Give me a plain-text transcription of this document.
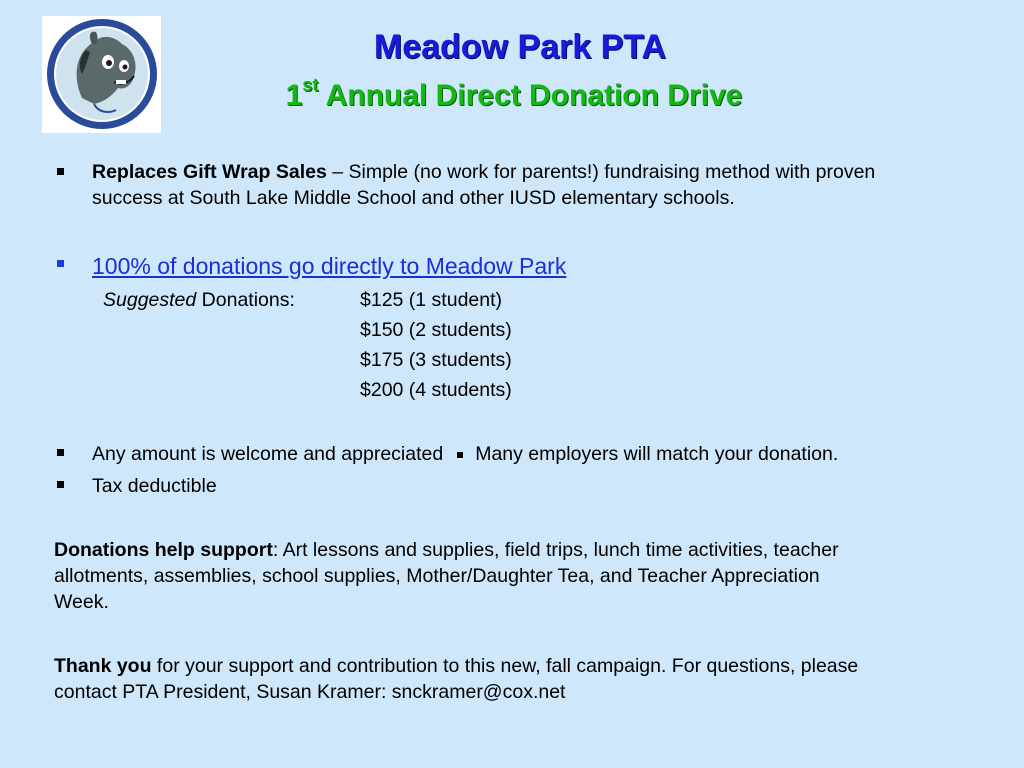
Meadow Park PTA
1st Annual Direct Donation Drive
Replaces Gift Wrap Sales – Simple (no work for parents!) fundraising method with proven
success at South Lake Middle School and other IUSD elementary schools.
100% of donations go directly to Meadow Park
Suggested Donations:	$125 (1 student)
$150 (2 students)
$175 (3 students)
$200 (4 students)
Any amount is welcome and appreciated Many employers will match your donation.
Tax deductible
Donations help support: Art lessons and supplies, field trips, lunch time activities, teacher
allotments, assemblies, school supplies, Mother/Daughter Tea, and Teacher Appreciation
Week.
Thank you for your support and contribution to this new, fall campaign. For questions, please
contact PTA President, Susan Kramer: snckramer@cox.net
